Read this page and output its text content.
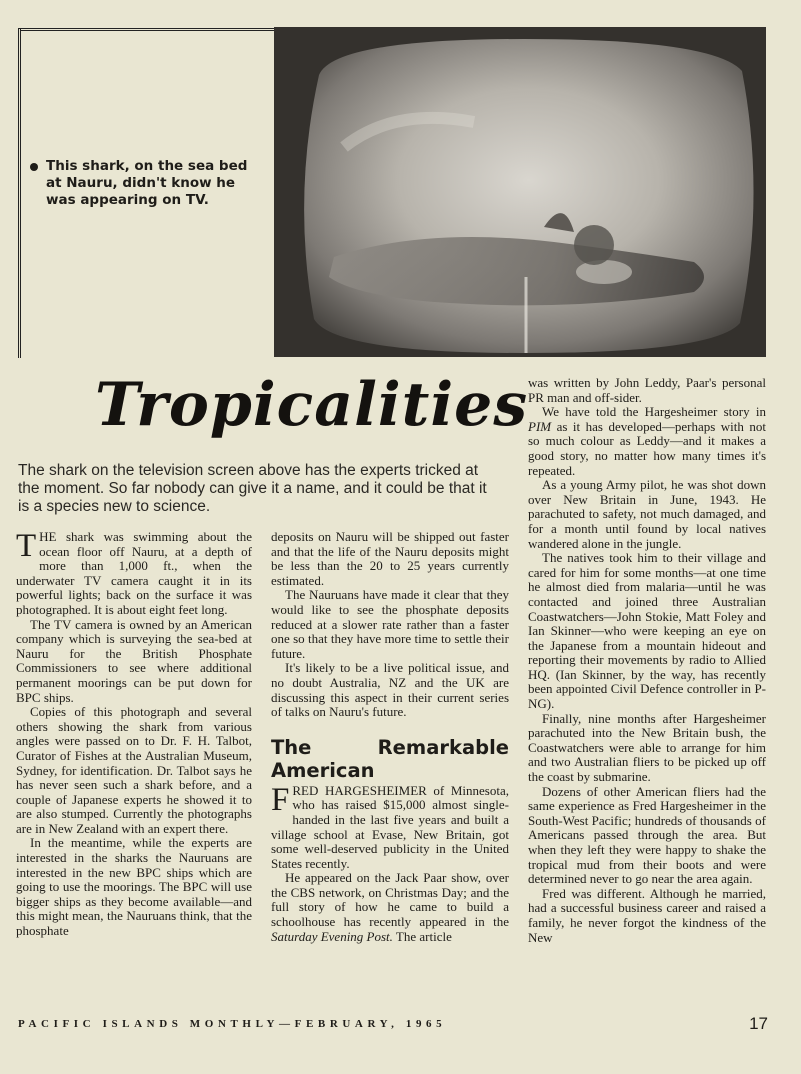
This shark, on the sea bed at Nauru, didn't know he was appearing on TV.
Tropicalities
The shark on the television screen above has the experts tricked at the moment. So far nobody can give it a name, and it could be that it is a species new to science.

THE shark was swimming about the ocean floor off Nauru, at a depth of more than 1,000 ft., when the underwater TV camera caught it in its powerful lights; back on the surface it was photographed. It is about eight feet long.

The TV camera is owned by an American company which is surveying the sea-bed at Nauru for the British Phosphate Commissioners to see where additional permanent moorings can be put down for BPC ships.

Copies of this photograph and several others showing the shark from various angles were passed on to Dr. F. H. Talbot, Curator of Fishes at the Australian Museum, Sydney, for identification. Dr. Talbot says he has never seen such a shark before, and a couple of Japanese experts he showed it to are also stumped. Currently the photographs are in New Zealand with an expert there.

In the meantime, while the experts are interested in the sharks the Nauruans are interested in the new BPC ships which are going to use the moorings. The BPC will use bigger ships as they become available—and this might mean, the Nauruans think, that the phosphate

deposits on Nauru will be shipped out faster and that the life of the Nauru deposits might be less than the 20 to 25 years currently estimated.

The Nauruans have made it clear that they would like to see the phosphate deposits reduced at a slower rate rather than a faster one so that they have more time to settle their future.

It's likely to be a live political issue, and no doubt Australia, NZ and the UK are discussing this aspect in their current series of talks on Nauru's future.

The Remarkable American

FRED HARGESHEIMER of Minnesota, who has raised $15,000 almost single-handed in the last five years and built a village school at Evase, New Britain, got some well-deserved publicity in the United States recently.

He appeared on the Jack Paar show, over the CBS network, on Christmas Day; and the full story of how he came to build a schoolhouse has recently appeared in the Saturday Evening Post. The article

was written by John Leddy, Paar's personal PR man and off-sider.

We have told the Hargesheimer story in PIM as it has developed—perhaps with not so much colour as Leddy—and it makes a good story, no matter how many times it's repeated.

As a young Army pilot, he was shot down over New Britain in June, 1943. He parachuted to safety, not much damaged, and for a month until found by local natives wandered alone in the jungle.

The natives took him to their village and cared for him for some months—at one time he almost died from malaria—until he was contacted and joined three Australian Coastwatchers—John Stokie, Matt Foley and Ian Skinner—who were keeping an eye on the Japanese from a mountain hideout and reporting their movements by radio to Allied HQ. (Ian Skinner, by the way, has recently been appointed Civil Defence controller in P-NG).

Finally, nine months after Hargesheimer parachuted into the New Britain bush, the Coastwatchers were able to arrange for him and two Australian fliers to be picked up off the coast by submarine.

Dozens of other American fliers had the same experience as Fred Hargesheimer in the South-West Pacific; hundreds of thousands of Americans passed through the area. But when they left they were happy to shake the tropical mud from their boots and were determined never to go near the area again.

Fred was different. Although he married, had a successful business career and raised a family, he never forgot the kindness of the New

PACIFIC ISLANDS MONTHLY—FEBRUARY, 1965	17
